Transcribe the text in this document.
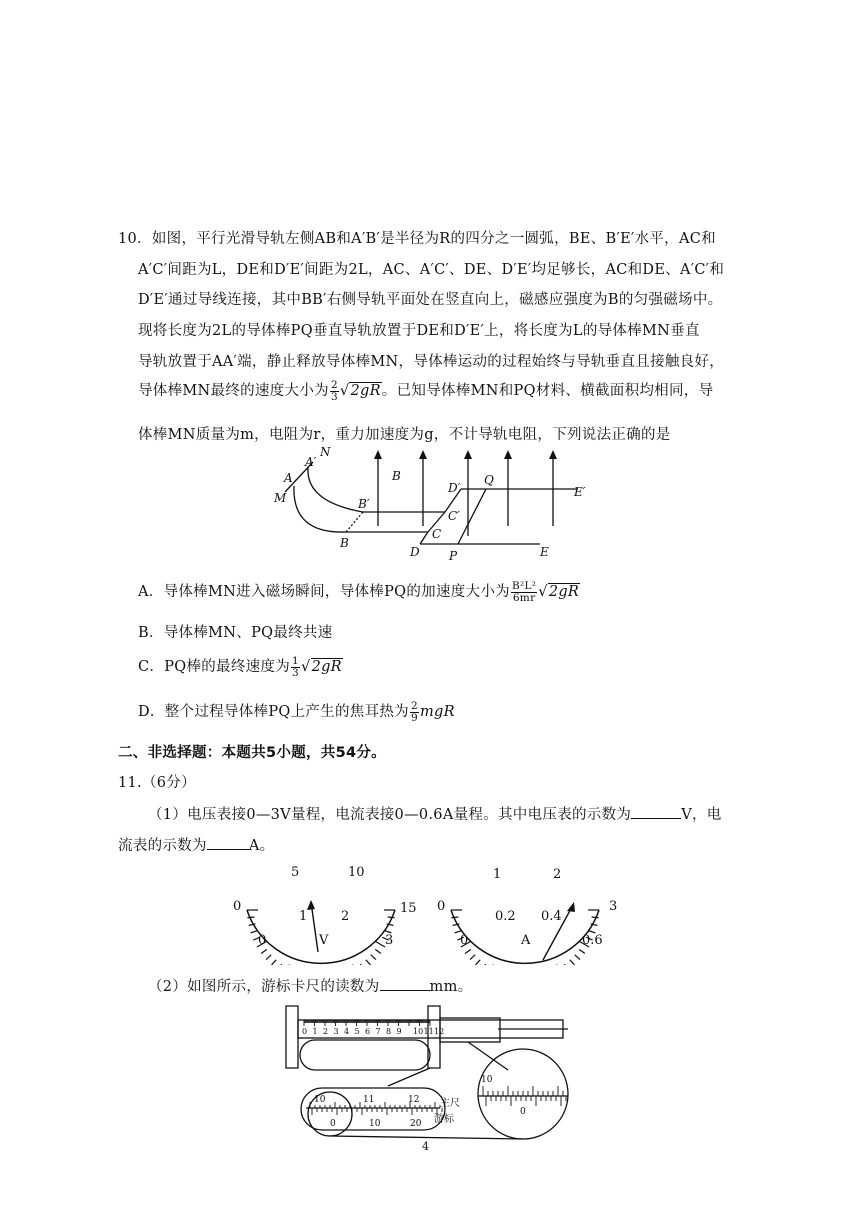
10．如图，平行光滑导轨左侧AB和A′B′是半径为R的四分之一圆弧，BE、B′E′水平，AC和
A′C′间距为L，DE和D′E′间距为2L，AC、A′C′、DE、D′E′均足够长，AC和DE、A′C′和
D′E′通过导线连接，其中BB′右侧导轨平面处在竖直向上，磁感应强度为B的匀强磁场中。
现将长度为2L的导体棒PQ垂直导轨放置于DE和D′E′上，将长度为L的导体棒MN垂直
导轨放置于AA′端，静止释放导体棒MN，导体棒运动的过程始终与导轨垂直且接触良好，
导体棒MN最终的速度大小为 $\frac{2}{3} √2gR$。已知导体棒MN和PQ材料、横截面积均相同，导
体棒MN质量为m，电阻为r，重力加速度为g，不计导轨电阻，下列说法正确的是
A′
N
A
M	B′
B
B
D′
Q
E′
C′
C
D P	E
A．导体棒MN进入磁场瞬间，导体棒PQ的加速度大小为 $\frac{\text{B²L²}}{6mr} √2gR$
B．导体棒MN、PQ最终共速
C．PQ棒的最终速度为 $\frac{1}{3} √2gR$
D．整个过程导体棒PQ上产生的焦耳热为 $\frac{2}{9}$ mgR
二、非选择题：本题共5小题，共54分。
11.（6分）
（1）电压表接0—3V量程，电流表接0—0.6A量程。其中电压表的示数为	V，电
流表的示数为	A。
0
5	10
15
0
1	2
3
V
0
1	2
3
0
0.2 0.4
0.6
A
（2）如图所示，游标卡尺的读数为	mm。
0 1 2 3 4 5 6 7 8 9 10 11 12
10	11	12
0	10	20
10
0
主尺
游标
4
